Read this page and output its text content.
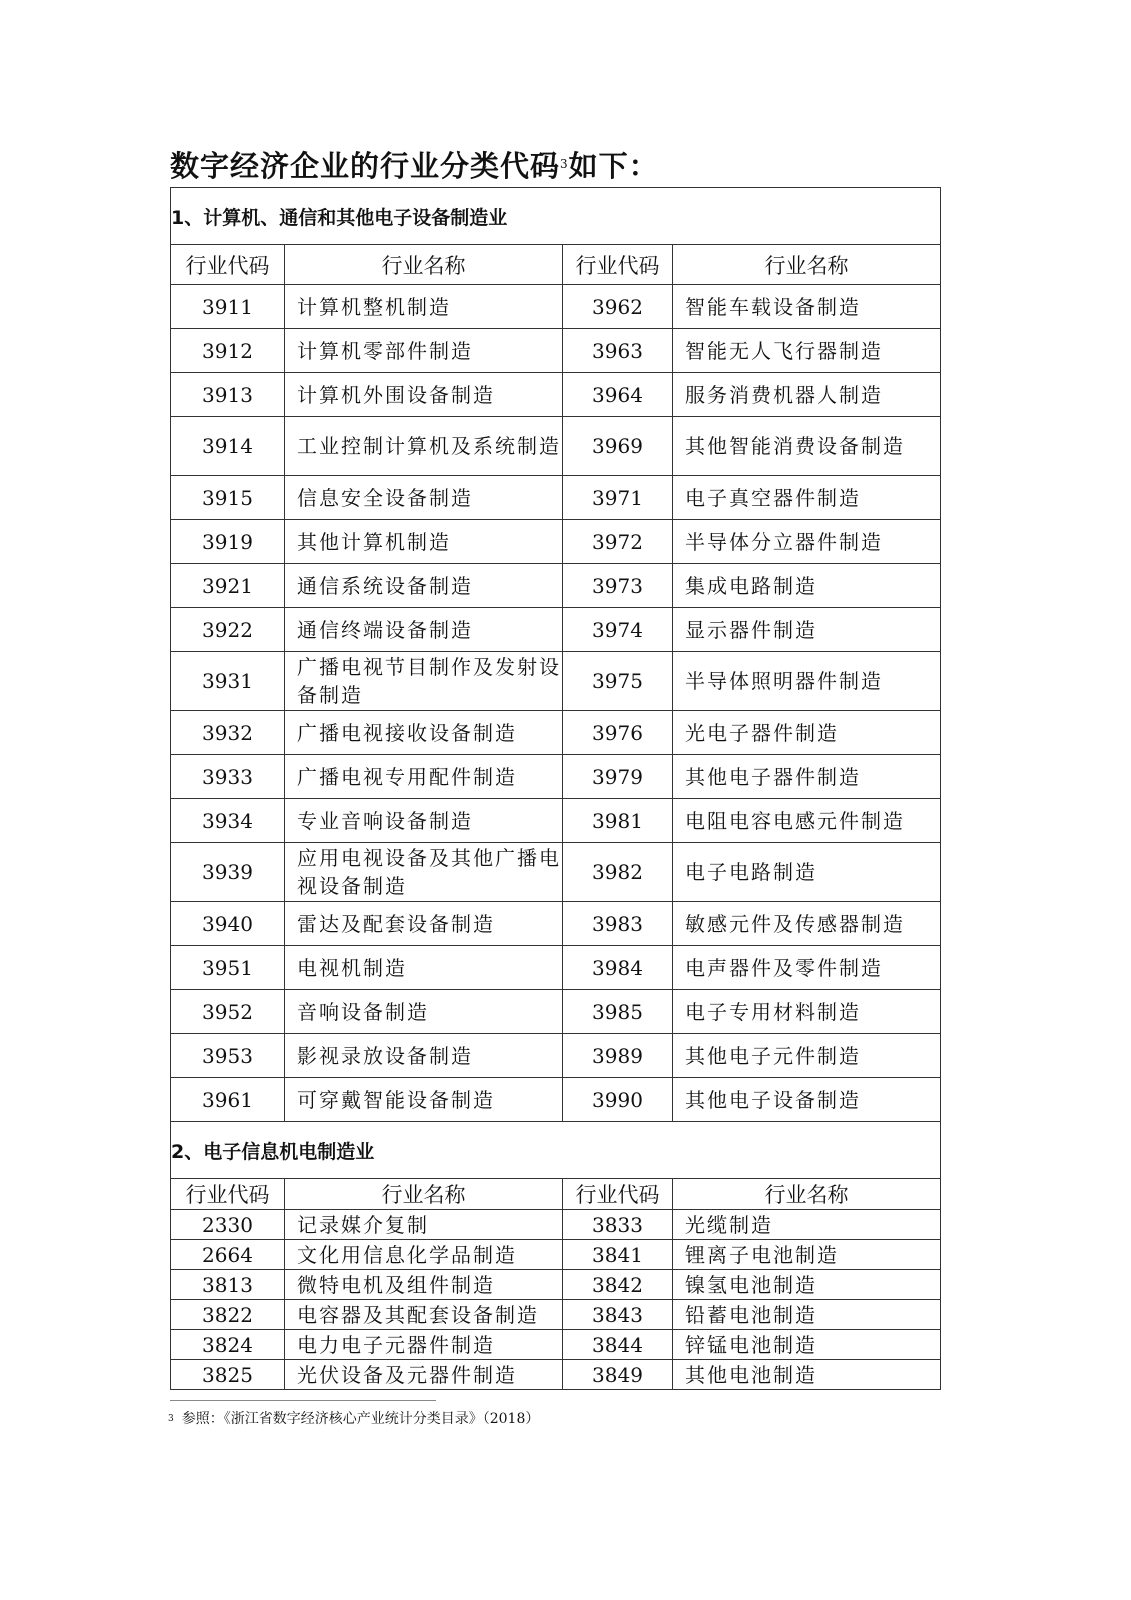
数字经济企业的行业分类代码$^3$如下：
1、计算机、通信和其他电子设备制造业			
行业代码	行业名称	行业代码	行业名称
3911	计算机整机制造	3962	智能车载设备制造
3912	计算机零部件制造	3963	智能无人飞行器制造
3913	计算机外围设备制造	3964	服务消费机器人制造
3914	工业控制计算机及系统制造	3969	其他智能消费设备制造
3915	信息安全设备制造	3971	电子真空器件制造
3919	其他计算机制造	3972	半导体分立器件制造
3921	通信系统设备制造	3973	集成电路制造
3922	通信终端设备制造	3974	显示器件制造
3931	广播电视节目制作及发射设备制造	3975	半导体照明器件制造
3932	广播电视接收设备制造	3976	光电子器件制造
3933	广播电视专用配件制造	3979	其他电子器件制造
3934	专业音响设备制造	3981	电阻电容电感元件制造
3939	应用电视设备及其他广播电视设备制造	3982	电子电路制造
3940	雷达及配套设备制造	3983	敏感元件及传感器制造
3951	电视机制造	3984	电声器件及零件制造
3952	音响设备制造	3985	电子专用材料制造
3953	影视录放设备制造	3989	其他电子元件制造
3961	可穿戴智能设备制造	3990	其他电子设备制造
2、电子信息机电制造业			
行业代码	行业名称	行业代码	行业名称
2330	记录媒介复制	3833	光缆制造
2664	文化用信息化学品制造	3841	锂离子电池制造
3813	微特电机及组件制造	3842	镍氢电池制造
3822	电容器及其配套设备制造	3843	铅蓄电池制造
3824	电力电子元器件制造	3844	锌锰电池制造
3825	光伏设备及元器件制造	3849	其他电池制造

$^3$ 参照：《浙江省数字经济核心产业统计分类目录》（2018）
